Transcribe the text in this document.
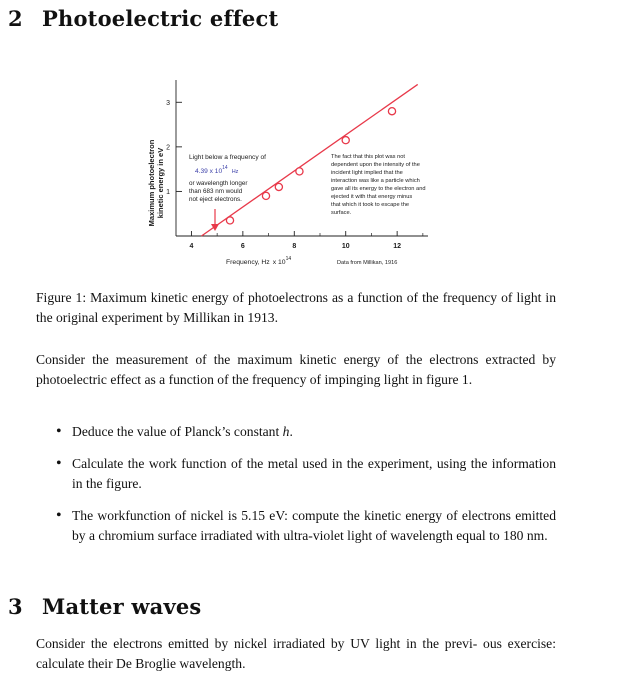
2 Photoelectric effect
Maximum photoelectron kinetic energy in eV 1
2
3
4	6	8	10	12
Light below a frequency of
4.39 x $10^{14}_{Hz}$
or wavelength longer
than 683 nm would
not eject electrons.
The fact that this plot was not
dependent upon the intensity of the
incident light implied that the
interaction was like a particle which
gave all its energy to the electron and
ejected it with that energy minus
that which it took to escape the
surface.
Frequency, Hz x $10^{14}$
Data from Millikan, 1916
Figure 1: Maximum kinetic energy of photoelectrons as a function of the frequency of light in the original experiment by Millikan in 1913.
Consider the measurement of the maximum kinetic energy of the electrons extracted by photoelectric effect as a function of the frequency of impinging light in figure 1.
• Deduce the value of Planck’s constant h.
• Calculate the work function of the metal used in the experiment, using the information in the figure.
• The workfunction of nickel is 5.15 eV: compute the kinetic energy of electrons emitted by a chromium surface irradiated with ultra-violet light of wavelength equal to 180 nm.
3 Matter waves
Consider the electrons emitted by nickel irradiated by UV light in the previ- ous exercise: calculate their De Broglie wavelength.
